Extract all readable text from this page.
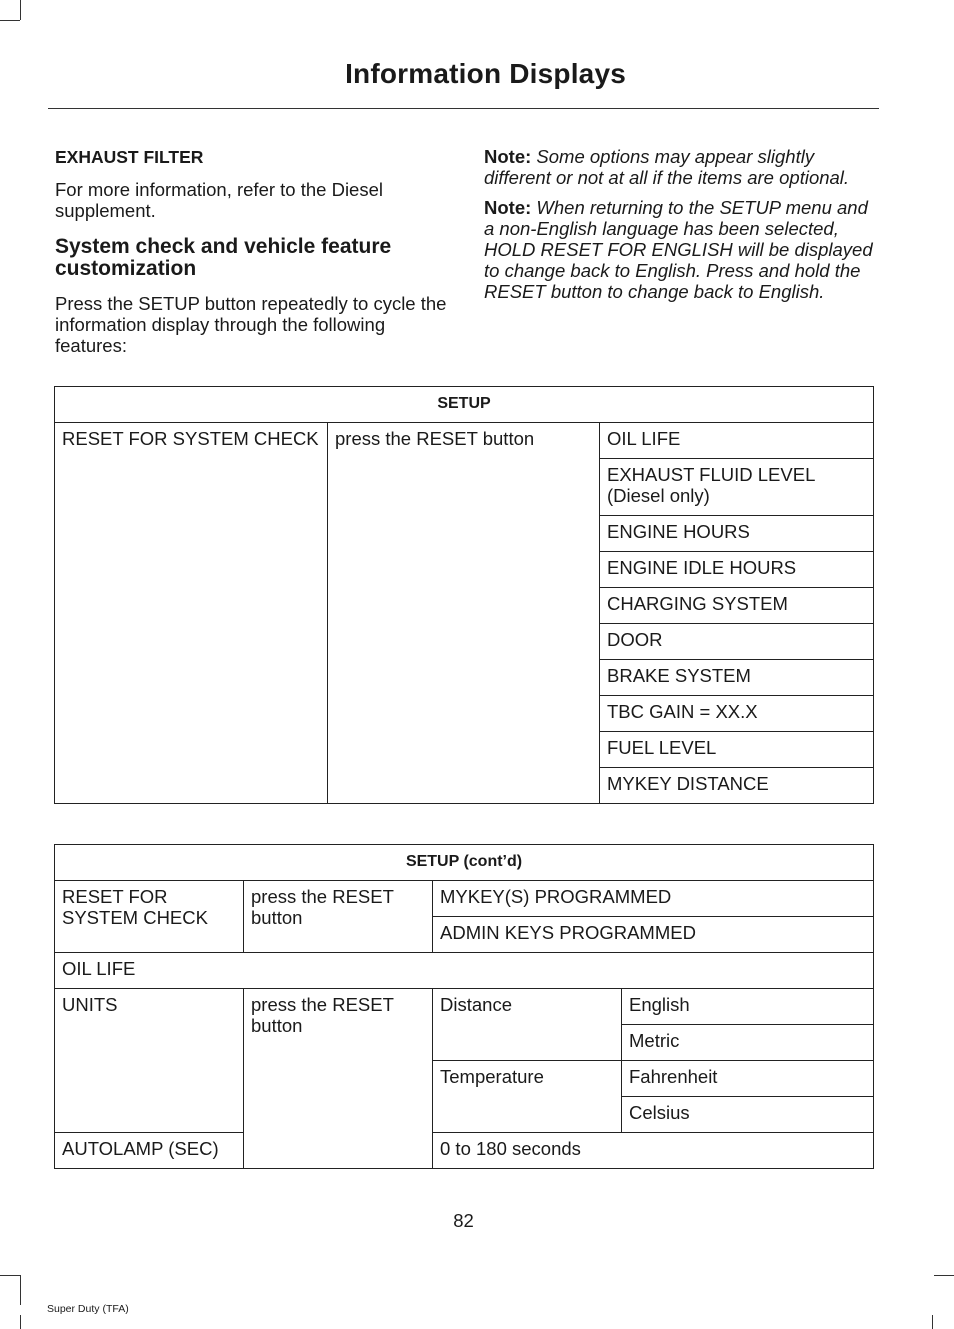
Information Displays
EXHAUST FILTER

For more information, refer to the Diesel supplement.

System check and vehicle feature customization

Press the SETUP button repeatedly to cycle the information display through the following features:

Note: Some options may appear slightly different or not at all if the items are optional.

Note: When returning to the SETUP menu and a non-English language has been selected, HOLD RESET FOR ENGLISH will be displayed to change back to English. Press and hold the RESET button to change back to English.

SETUP
RESET FOR SYSTEM CHECK	press the RESET button	OIL LIFE
EXHAUST FLUID LEVEL (Diesel only)
ENGINE HOURS
ENGINE IDLE HOURS
CHARGING SYSTEM
DOOR
BRAKE SYSTEM
TBC GAIN = XX.X
FUEL LEVEL
MYKEY DISTANCE
SETUP (cont’d)			
RESET FOR SYSTEM CHECK	press the RESET button	MYKEY(S) PROGRAMMED	
		ADMIN KEYS PROGRAMMED	
OIL LIFE			
UNITS	press the RESET button	Distance	English
			Metric
		Temperature	Fahrenheit
			Celsius
AUTOLAMP (SEC)		0 to 180 seconds	
82
Super Duty (TFA)
